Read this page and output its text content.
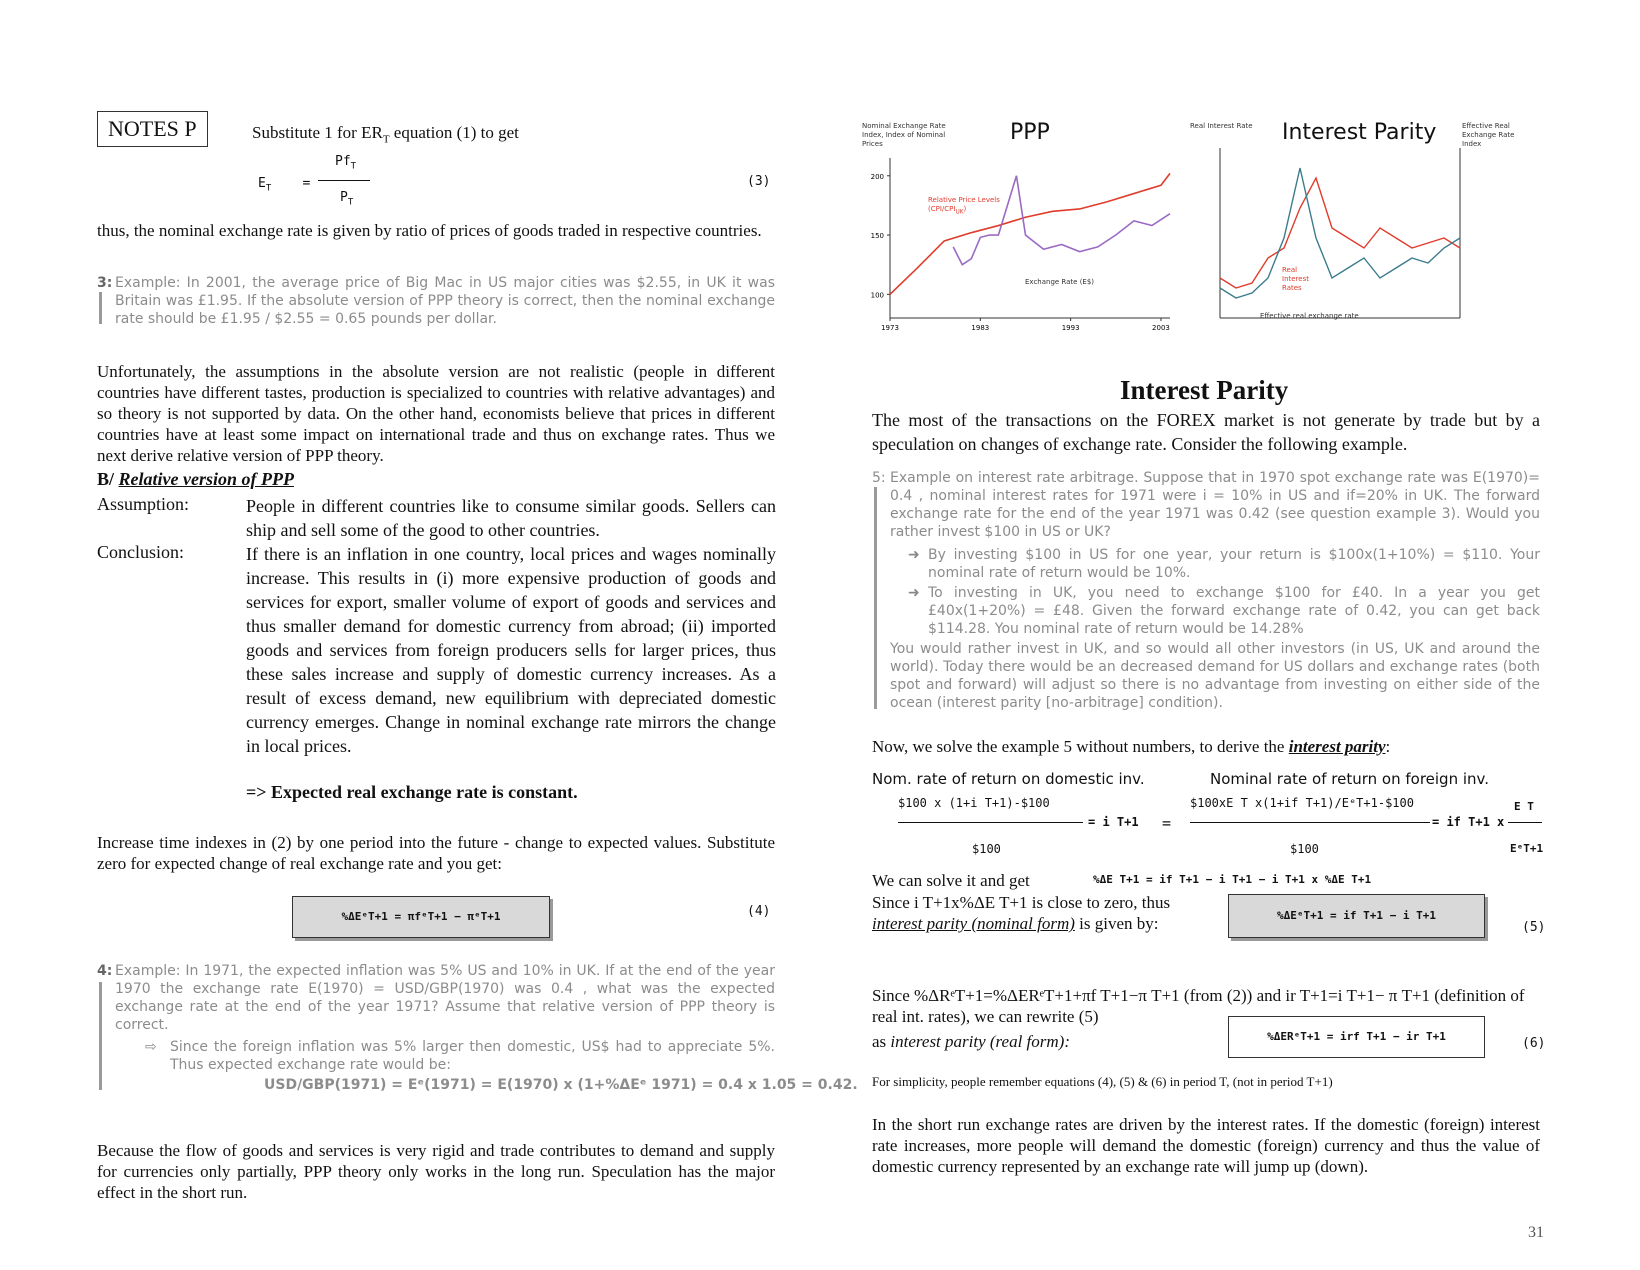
NOTES P	Substitute 1 for $ER_T$ equation (1) to get
$E_T$    =
$Pf_T$
$P_T$
(3)
thus, the nominal exchange rate is given by ratio of prices of goods traded in respective countries.
3: Example: In 2001, the average price of Big Mac in US major cities was $2.55, in UK it was Britain was £1.95. If the absolute version of PPP theory is correct, then the nominal exchange rate should be £1.95 / $2.55 = 0.65 pounds per dollar.
Unfortunately, the assumptions in the absolute version are not realistic (people in different countries have different tastes, production is specialized to countries with relative advantages) and so theory is not supported by data. On the other hand, economists believe that prices in different countries have at least some impact on international trade and thus on exchange rates. Thus we next derive relative version of PPP theory.
B/ Relative version of PPP
Assumption:	People in different countries like to consume similar goods. Sellers can ship and sell some of the good to other countries.
Conclusion:	If there is an inflation in one country, local prices and wages nominally increase. This results in (i) more expensive production of goods and services for export, smaller volume of export of goods and services and thus smaller demand for domestic currency from abroad; (ii) imported goods and services from foreign producers sells for larger prices, thus these sales increase and supply of domestic currency increases. As a result of excess demand, new equilibrium with depreciated domestic currency emerges. Change in nominal exchange rate mirrors the change in local prices.
=> Expected real exchange rate is constant.
Increase time indexes in (2) by one period into the future - change to expected values. Substitute zero for expected change of real exchange rate and you get:
%ΔEᵉT+1 = πfᵉT+1 − πᵉT+1	(4)
4: Example: In 1971, the expected inflation was 5% US and 10% in UK. If at the end of the year 1970 the exchange rate E(1970) = USD/GBP(1970) was 0.4 , what was the expected exchange rate at the end of the year 1971? Assume that relative version of PPP theory is correct.
⇨ Since the foreign inflation was 5% larger then domestic, US$ had to appreciate 5%. Thus expected exchange rate would be:
USD/GBP(1971) = Eᵉ(1971) = E(1970) x (1+%ΔEᵉ 1971) = 0.4 x 1.05 = 0.42.
Because the flow of goods and services is very rigid and trade contributes to demand and supply for currencies only partially, PPP theory only works in the long run. Speculation has the major effect in the short run.
Nominal Exchange Rate Index, Index of Nominal Prices	PPP
100
150
200
1973	1983	1993	2003
Relative Price Levels $(CPI/CPI_{UK})$
Exchange Rate (E$)
Real Interest Rate	Interest Parity	Effective Real Exchange Rate Index
Real Interest Rates
Effective real exchange rate
Interest Parity
The most of the transactions on the FOREX market is not generate by trade but by a speculation on changes of exchange rate. Consider the following example.
5: Example on interest rate arbitrage. Suppose that in 1970 spot exchange rate was E(1970)= 0.4 , nominal interest rates for 1971 were i = 10% in US and if=20% in UK. The forward exchange rate for the end of the year 1971 was 0.42 (see question example 3). Would you rather invest $100 in US or UK?
➜ By investing $100 in US for one year, your return is $100x(1+10%) = $110. Your nominal rate of return would be 10%.
➜ To investing in UK, you need to exchange $100 for £40. In a year you get £40x(1+20%) = £48. Given the forward exchange rate of 0.42, you can get back $114.28. You nominal rate of return would be 14.28%
You would rather invest in UK, and so would all other investors (in US, UK and around the world). Today there would be an decreased demand for US dollars and exchange rates (both spot and forward) will adjust so there is no advantage from investing on either side of the ocean (interest parity [no-arbitrage] condition).
Now, we solve the example 5 without numbers, to derive the interest parity:
Nom. rate of return on domestic inv.	Nominal rate of return on foreign inv.
$100 x (1+i T+1)-$100
$100
= i T+1 =
$100xE T x(1+if T+1)/EᵉT+1-$100
$100
= if T+1 x
E T
EᵉT+1
We can solve it and get	%ΔE T+1 = if T+1 − i T+1 − i T+1 x %ΔE T+1
Since i T+1x%ΔE T+1 is close to zero, thus
interest parity (nominal form) is given by:	%ΔEᵉT+1 = if T+1 − i T+1
(5)
Since %ΔRᵉT+1=%ΔERᵉT+1+πf T+1−π T+1 (from (2)) and ir T+1=i T+1− π T+1 (definition of real int. rates), we can rewrite (5)
as interest parity (real form):	%ΔERᵉT+1 = irf T+1 − ir T+1	(6)
For simplicity, people remember equations (4), (5) & (6) in period T, (not in period T+1)
In the short run exchange rates are driven by the interest rates. If the domestic (foreign) interest rate increases, more people will demand the domestic (foreign) currency and thus the value of domestic currency represented by an exchange rate will jump up (down).
31
